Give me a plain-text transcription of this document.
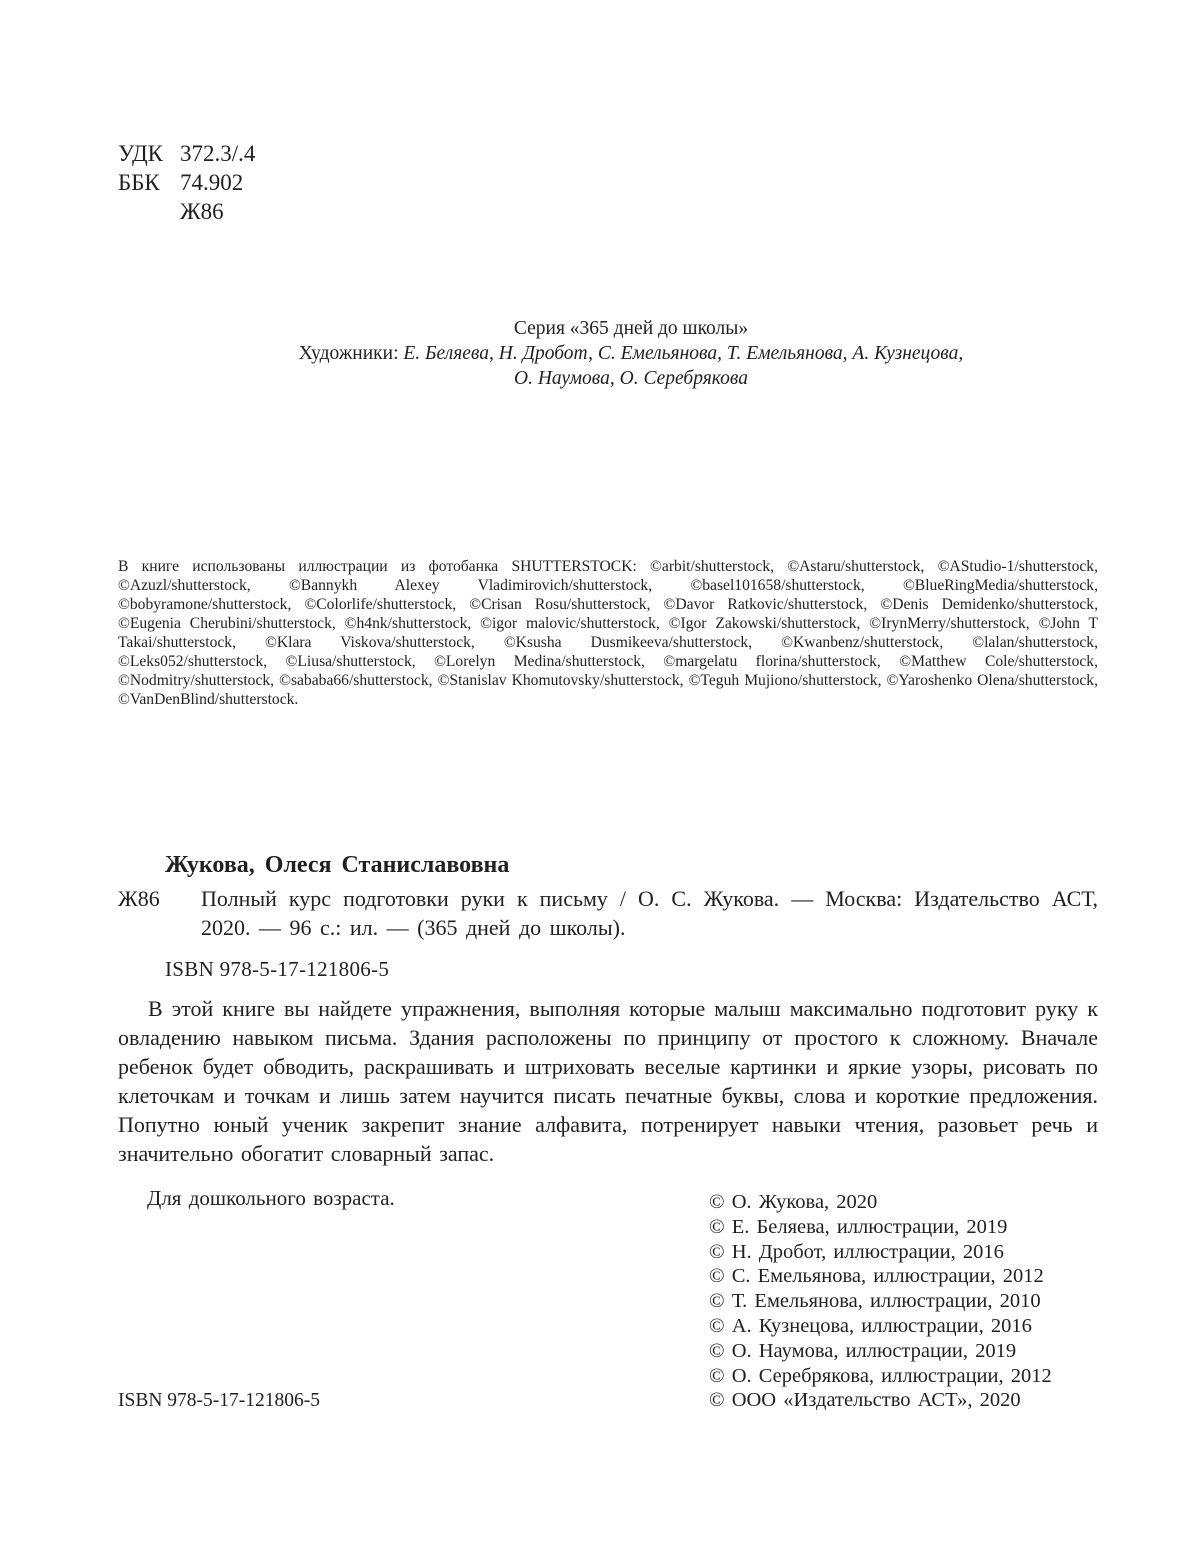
УДК 372.3/.4
ББК 74.902
Ж86

Серия «365 дней до школы»

Художники: Е. Беляева, Н. Дробот, С. Емельянова, Т. Емельянова, А. Кузнецова,

О. Наумова, О. Серебрякова

В книге использованы иллюстрации из фотобанка SHUTTERSTOCK: ©arbit/shutterstock, ©Astaru/shutterstock, ©AStudio-1/shutterstock, ©Azuzl/shutterstock, ©Bannykh Alexey Vladimirovich/shutterstock, ©basel101658/shutterstock, ©BlueRingMedia/shutterstock, ©bobyramone/shutterstock, ©Colorlife/shutterstock, ©Crisan Rosu/shutterstock, ©Davor Ratkovic/shutterstock, ©Denis Demidenko/shutterstock, ©Eugenia Cherubini/shutterstock, ©h4nk/shutterstock, ©igor malovic/shutterstock, ©Igor Zakowski/shutterstock, ©IrynMerry/shutterstock, ©John T Takai/shutterstock, ©Klara Viskova/shutterstock, ©Ksusha Dusmikeeva/shutterstock, ©Kwanbenz/shutterstock, ©lalan/shutterstock, ©Leks052/shutterstock, ©Liusa/shutterstock, ©Lorelyn Medina/shutterstock, ©margelatu florina/shutterstock, ©Matthew Cole/shutterstock, ©Nodmitry/shutterstock, ©sababa66/shutterstock, ©Stanislav Khomutovsky/shutterstock, ©Teguh Mujiono/shutterstock, ©Yaroshenko Olena/shutterstock, ©VanDenBlind/shutterstock.
Жукова, Олеся Станиславовна
Ж86 Полный курс подготовки руки к письму / О. С. Жукова. — Москва: Издательство АСТ, 2020. — 96 с.: ил. — (365 дней до школы).
ISBN 978-5-17-121806-5
В этой книге вы найдете упражнения, выполняя которые малыш максимально подготовит руку к овладению навыком письма. Здания расположены по принципу от простого к сложному. Вначале ребенок будет обводить, раскрашивать и штриховать веселые картинки и яркие узоры, рисовать по клеточкам и точкам и лишь затем научится писать печатные буквы, слова и короткие предложения. Попутно юный ученик закрепит знание алфавита, потренирует навыки чтения, разовьет речь и значительно обогатит словарный запас.
Для дошкольного возраста.	© О. Жукова, 2020
© Е. Беляева, иллюстрации, 2019
© Н. Дробот, иллюстрации, 2016
© С. Емельянова, иллюстрации, 2012
© Т. Емельянова, иллюстрации, 2010
© А. Кузнецова, иллюстрации, 2016
© О. Наумова, иллюстрации, 2019
© О. Серебрякова, иллюстрации, 2012
© ООО «Издательство АСТ», 2020
ISBN 978-5-17-121806-5
